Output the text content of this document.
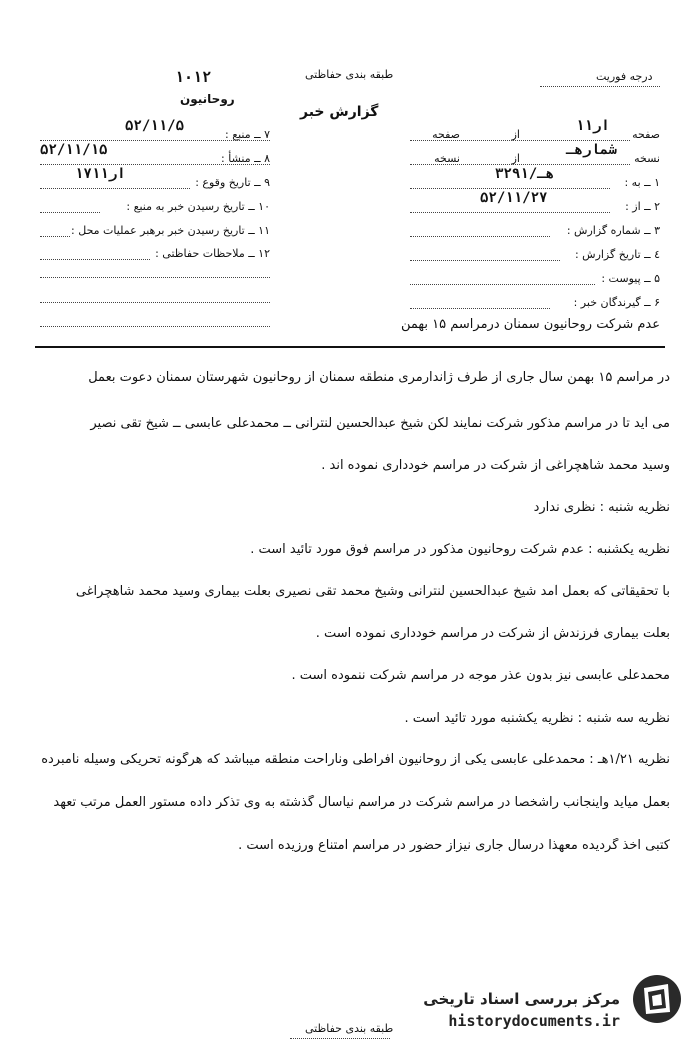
۱۰۱۲
روحانیون
طبقه بندی حفاظتی
گزارش خبر
درجه فوریت
۷ ــ منبع :
۵۲/۱۱/۵
۸ ــ منشأ :
۵۲/۱۱/۱۵
۹ ــ تاریخ وقوع :
۱۷ار۱۱
۱۰ ــ تاریخ رسیدن خبر به منبع :
۱۱ ــ تاریخ رسیدن خبر برهبر عملیات محل :
۱۲ ــ ملاحظات حفاظتی :
صفحه
۱ار۱
از
صفحه
نسخه
شمارهـ
از
نسخه
۱ ــ به :
۳۲۹۱/هـ
۲ ــ از :
۵۲/۱۱/۲۷
۳ ــ شماره گزارش :
٤ ــ تاریخ گزارش :
۵ ــ پیوست :
۶ ــ گیرندگان خبر :
عدم شرکت روحانیون سمنان درمراسم ۱۵ بهمن
در مراسم ۱۵ بهمن سال جاری از طرف ژاندارمری منطقه سمنان از روحانیون شهرستان سمنان دعوت بعمل
می آید تا در مراسم مذکور شرکت نمایند لکن شیخ عبدالحسین لنترانی ــ محمدعلی عابسی ــ شیخ تقی نصیر
وسید محمد شاهچراغی از شرکت در مراسم خودداری نموده اند .
نظریه شنبه : نظری ندارد
نظریه یکشنبه : عدم شرکت روحانیون مذکور در مراسم فوق مورد تائید است .
با تحقیقاتی که بعمل آمد شیخ عبدالحسین لنترانی وشیخ محمد تقی نصیری بعلت بیماری وسید محمد شاهچراغی
بعلت بیماری فرزندش از شرکت در مراسم خودداری نموده است .
محمدعلی عابسی نیز بدون عذر موجه در مراسم شرکت ننموده است .
نظریه سه شنبه : نظریه یکشنبه مورد تائید است .
نظریه ۱/۲۱هـ : محمدعلی عابسی یکی از روحانیون افراطی وناراحت منطقه میباشد که هرگونه تحریکی وسیله نامبرده
بعمل میآید واینجانب راشخصا در مراسم شرکت در مراسم نیاسال گذشته به وی تذکر داده مستور العمل مرتب تعهد
کتبی اخذ گردیده معهذا درسال جاری نیزاز حضور در مراسم امتناع ورزیده است .
طبقه بندی حفاظتی
مرکز بررسی اسناد تاریخی
historydocuments.ir
